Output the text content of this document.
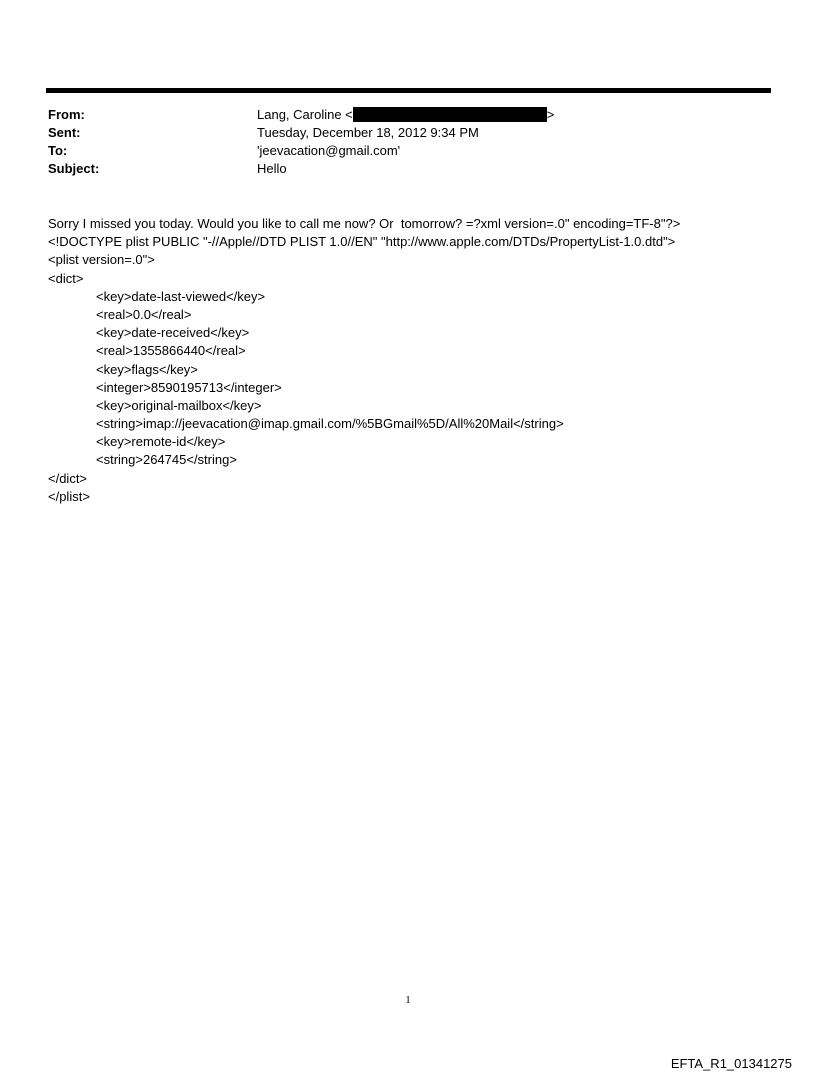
From:	Lang, Caroline <	>
Sent:	Tuesday, December 18, 2012 9:34 PM
To:	'jeevacation@gmail.com'
Subject:	Hello
Sorry I missed you today. Would you like to call me now? Or  tomorrow? =?xml version=.0" encoding=TF-8"?>
<!DOCTYPE plist PUBLIC "-//Apple//DTD PLIST 1.0//EN" "http://www.apple.com/DTDs/PropertyList-1.0.dtd">
<plist version=.0">
<dict>
<key>date-last-viewed</key>
<real>0.0</real>
<key>date-received</key>
<real>1355866440</real>
<key>flags</key>
<integer>8590195713</integer>
<key>original-mailbox</key>
<string>imap://jeevacation@imap.gmail.com/%5BGmail%5D/All%20Mail</string>
<key>remote-id</key>
<string>264745</string>
</dict>
</plist>
1
EFTA_R1_01341275
